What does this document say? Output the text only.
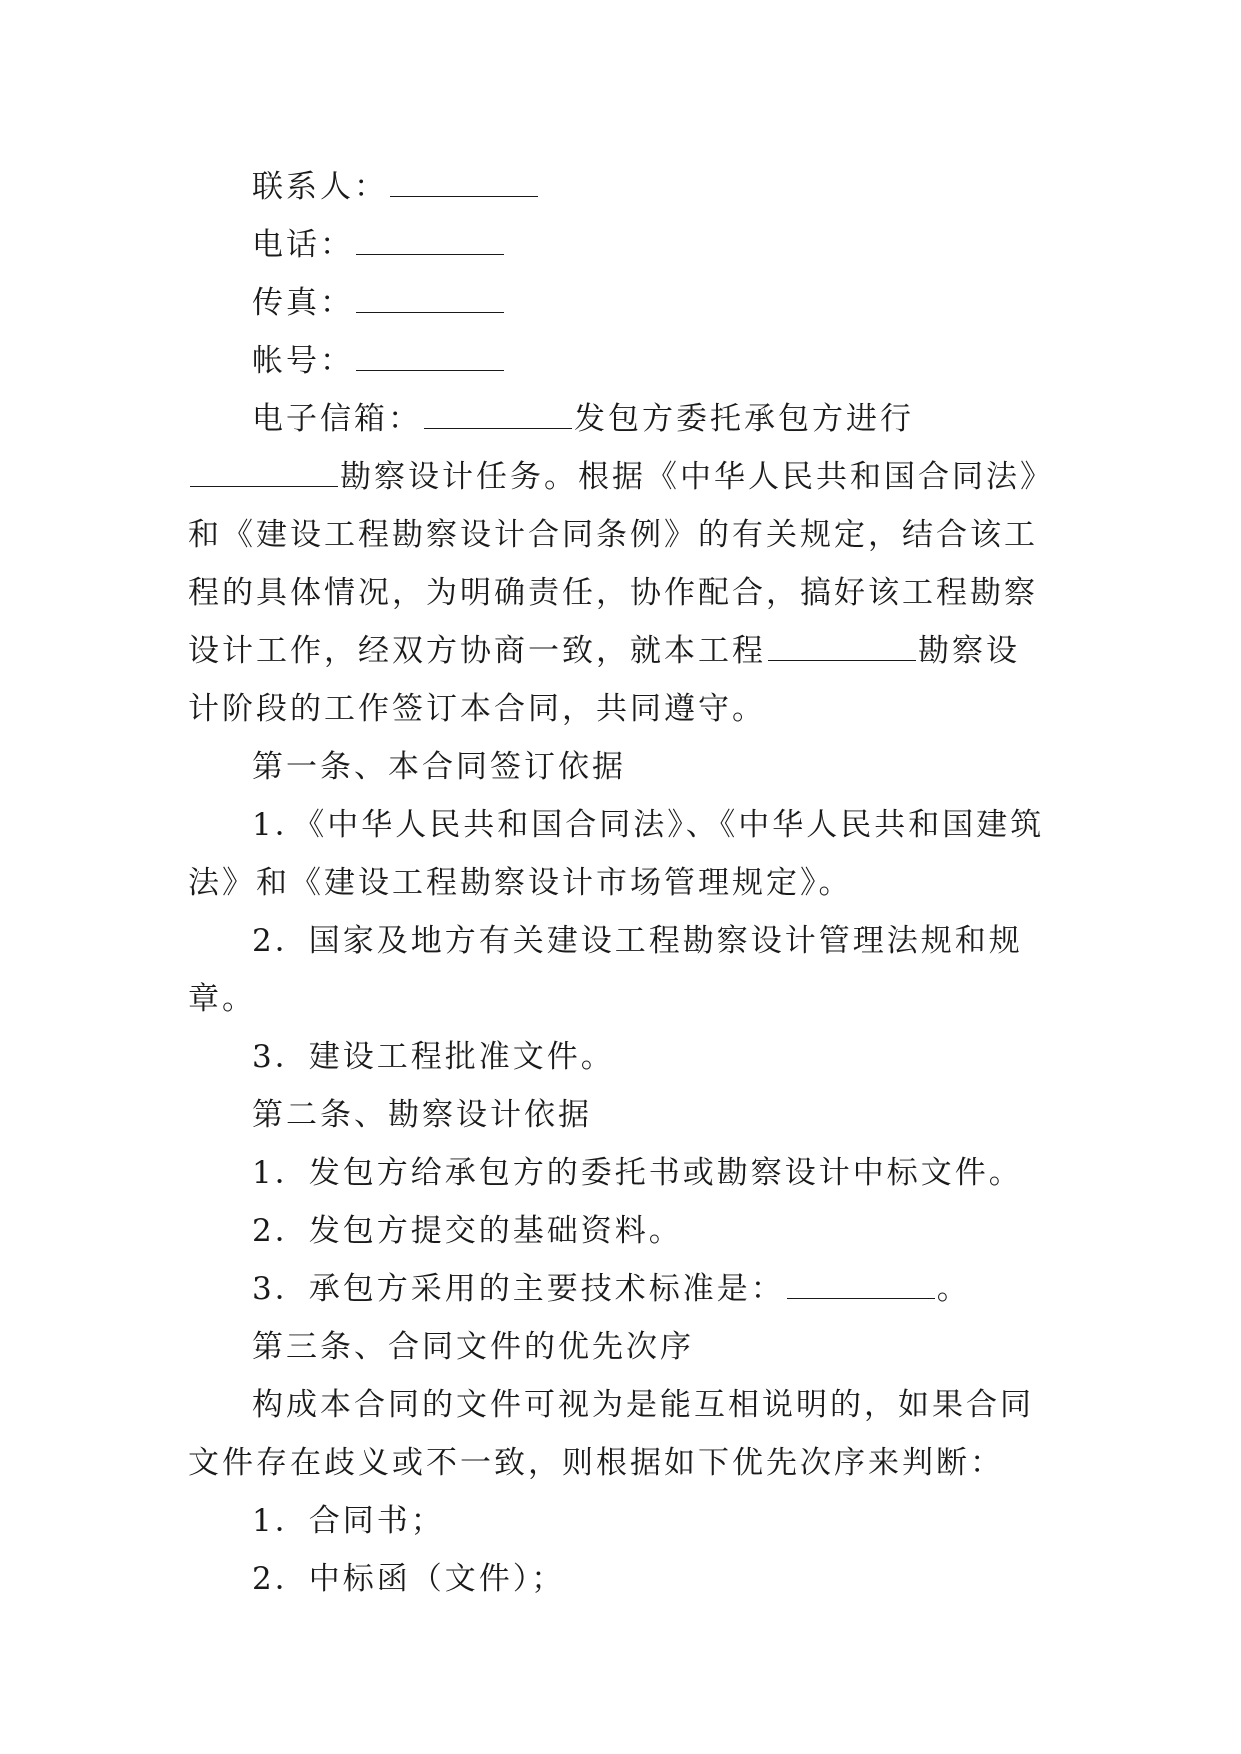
联系人：

电话：

传真：

帐号：

电子信箱：	发包方委托承包方进行勘察设计任务。根据《中华人民共和国合同法》和《建设工程勘察设计合同条例》的有关规定，结合该工程的具体情况，为明确责任，协作配合，搞好该工程勘察设计工作，经双方协商一致，就本工程	勘察设计阶段的工作签订本合同，共同遵守。

第一条、本合同签订依据

1．《中华人民共和国合同法》、《中华人民共和国建筑法》和《建设工程勘察设计市场管理规定》。

2．国家及地方有关建设工程勘察设计管理法规和规章。

3．建设工程批准文件。

第二条、勘察设计依据

1．发包方给承包方的委托书或勘察设计中标文件。

2．发包方提交的基础资料。

3．承包方采用的主要技术标准是：	。

第三条、合同文件的优先次序

构成本合同的文件可视为是能互相说明的，如果合同文件存在歧义或不一致，则根据如下优先次序来判断：

1．合同书；

2．中标函（文件）；
